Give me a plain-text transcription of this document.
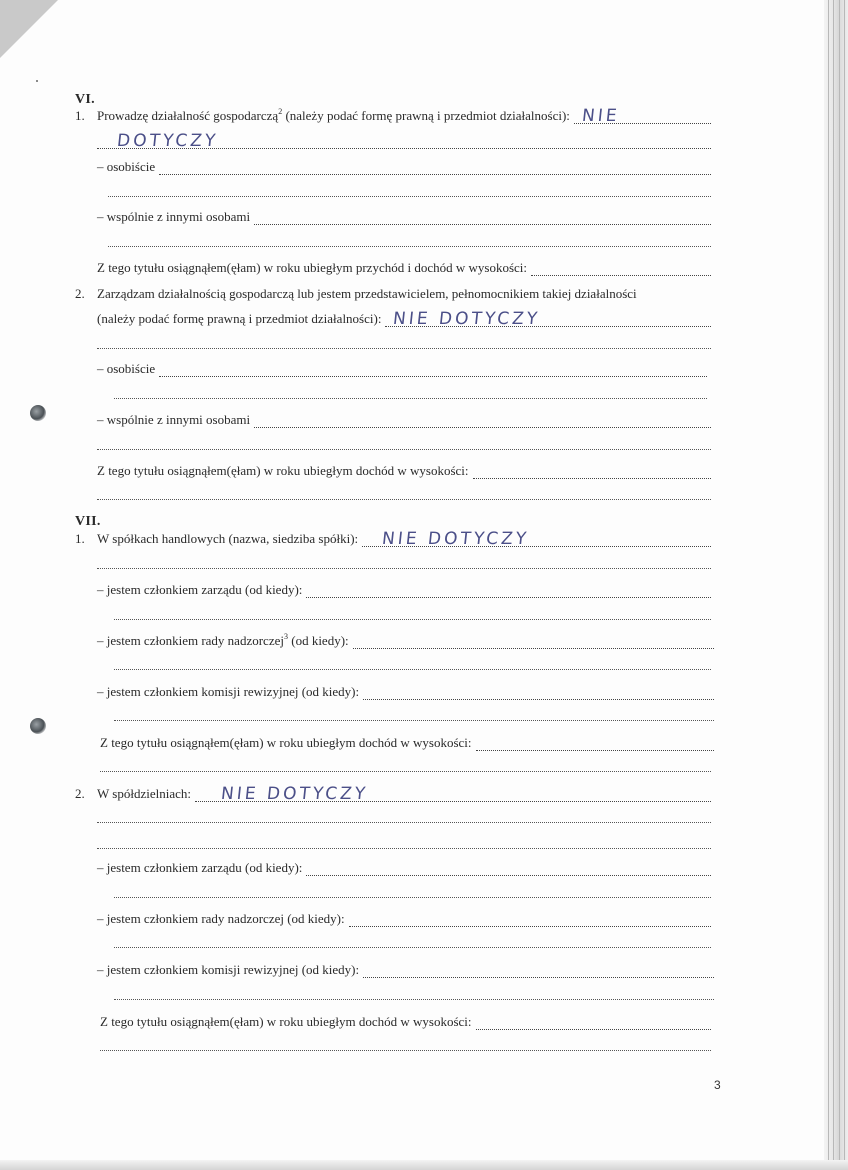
VI.
1. Prowadzę działalność gospodarczą$^2$ (należy podać formę prawną i przedmiot działalności): NIE
DOTYCZY
– osobiście
– wspólnie z innymi osobami
Z tego tytułu osiągnąłem(ęłam) w roku ubiegłym przychód i dochód w wysokości:
2. Zarządzam działalnością gospodarczą lub jestem przedstawicielem, pełnomocnikiem takiej działalności
(należy podać formę prawną i przedmiot działalności): NIE DOTYCZY
– osobiście
– wspólnie z innymi osobami
Z tego tytułu osiągnąłem(ęłam) w roku ubiegłym dochód w wysokości:
VII.
1. W spółkach handlowych (nazwa, siedziba spółki): NIE DOTYCZY
– jestem członkiem zarządu (od kiedy):
– jestem członkiem rady nadzorczej$^3$ (od kiedy):
– jestem członkiem komisji rewizyjnej (od kiedy):
Z tego tytułu osiągnąłem(ęłam) w roku ubiegłym dochód w wysokości:
2. W spółdzielniach: NIE DOTYCZY
– jestem członkiem zarządu (od kiedy):
– jestem członkiem rady nadzorczej (od kiedy):
– jestem członkiem komisji rewizyjnej (od kiedy):
Z tego tytułu osiągnąłem(ęłam) w roku ubiegłym dochód w wysokości:
3
